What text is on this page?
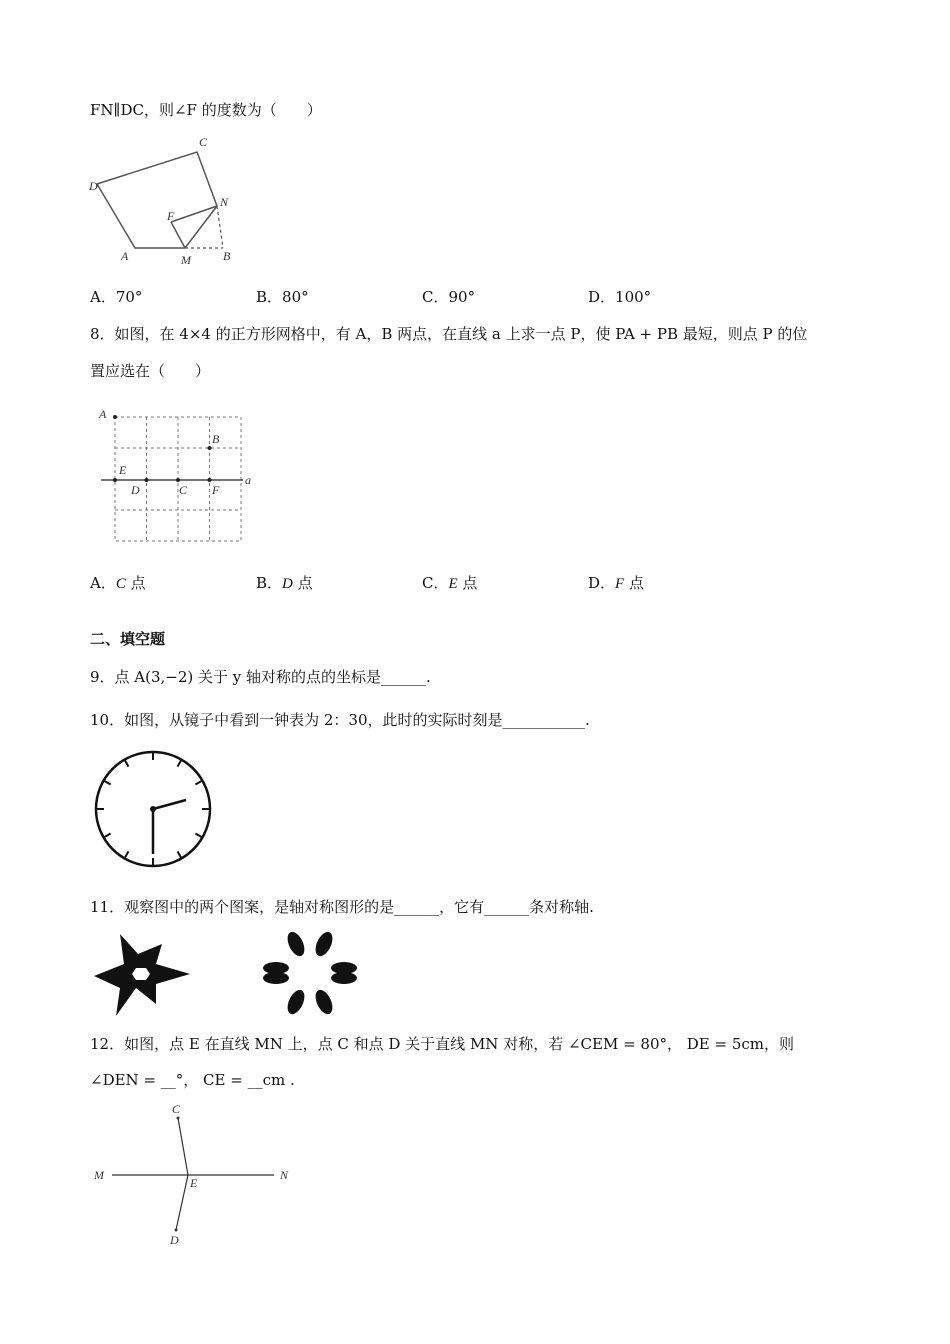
FN∥DC，则∠F 的度数为（　　）
C
D
N
F
A	M	B
A．70°	B．80°	C．90°	D．100°
8．如图，在 4×4 的正方形网格中，有 A，B 两点，在直线 a 上求一点 P，使 PA + PB 最短，则点 P 的位
置应选在（　　）
A
B
E
D	C F
a
A．C 点	B．D 点	C．E 点	D．F 点
二、填空题
9．点 A(3,−2) 关于 y 轴对称的点的坐标是______.
10．如图，从镜子中看到一钟表为 2：30，此时的实际时刻是___________.
11．观察图中的两个图案，是轴对称图形的是______，它有______条对称轴.
12．如图，点 E 在直线 MN 上，点 C 和点 D 关于直线 MN 对称，若 ∠CEM = 80°， DE = 5cm，则
∠DEN = __°， CE = __cm .
C
M	N
E
D
